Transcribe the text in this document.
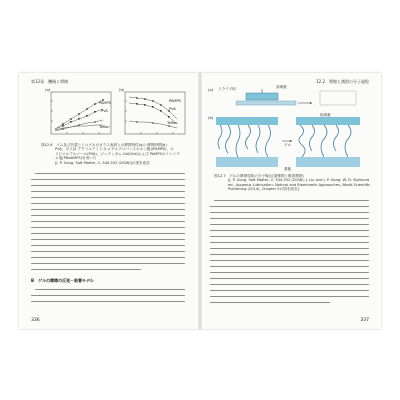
第12章　機械と摩擦
(a)	(b)
PAMPS
PVA
Teflon
PAMPS
PVA
Teflon
図12.6　ゴム及び代替ヒドロゲルのガラス表面との摩擦特性(a)と摩擦時間(b)
PVA、ポリ(2-アクリルアミド-2-メチルプロパンスルホン酸)(PAMPS)、ポ
リビニルアルコール(PVA)、ジェランガム-Gel(Gel)および PAMPSのナトリウ
ム塩(PNaAMPS)を用いた
[J. P. Gong, Soft Matter, 2, 544-552 (2006)]の図を改変
B　ゲルの摩擦の反発－吸着モデル
336
12.2　摩擦と潤滑の分子過程
(a)
(b)
ドライブ用	高荷重
低荷重
ゲル
基板
図12.7　ゲルの摩擦現象の分子像(反発摩擦と吸着摩擦)
[J. P. Gong, Soft Matter, 2, 544-552 (2006); J. Liu and J. P. Gong: W. D. Sigmund
ed., Aqueous Lubrication: Natural and Biomimetic Approaches, World Scientific
Publishing (2014), Chapter 5の図を改変]
337
